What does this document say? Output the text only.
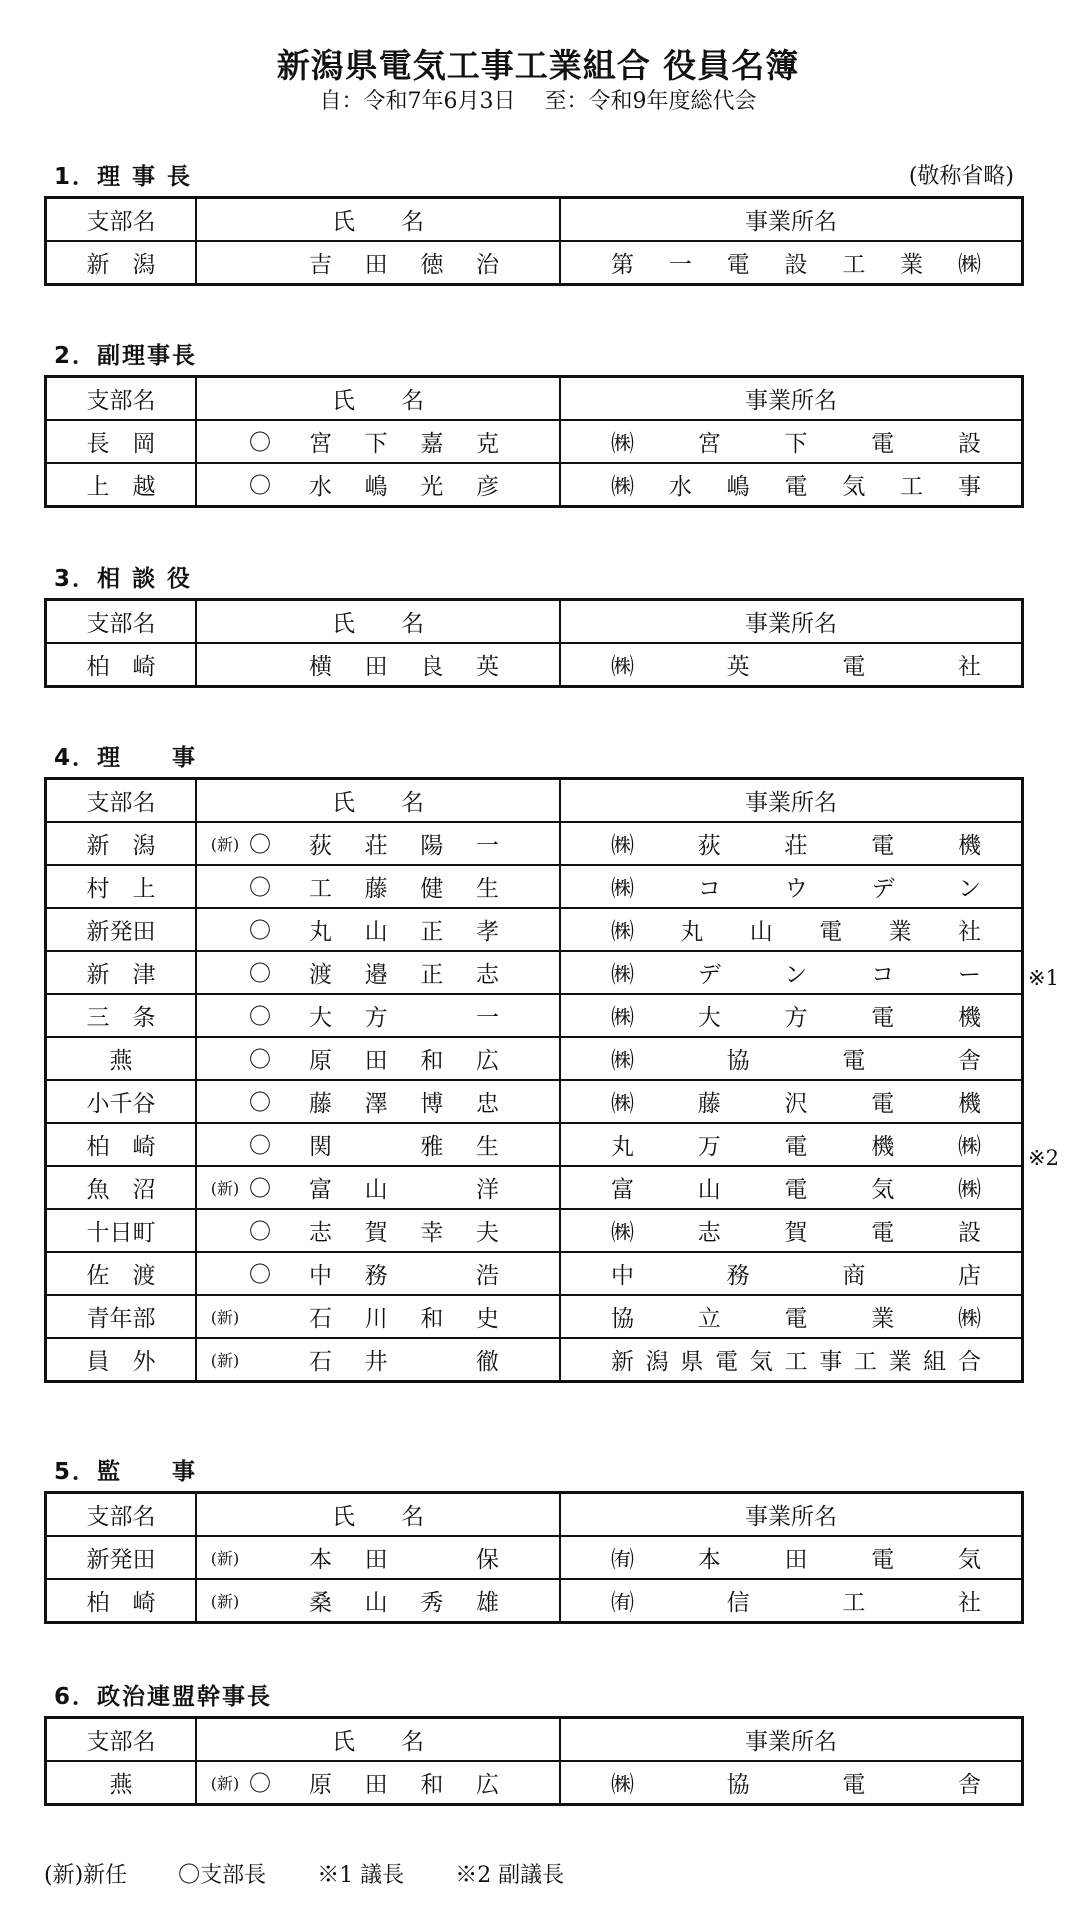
新潟県電気工事工業組合 役員名簿
自：令和7年6月3日　 至：令和9年度総代会
1．理 事 長	(敬称省略)
支部名	氏　　名	事業所名
新　潟	吉田徳治	第一電設工業㈱
2．副理事長
支部名	氏　　名	事業所名
長　岡	〇 宮下嘉克	㈱宮下電設

上　越	〇 水嶋光彦	㈱水嶋電気工事
3．相 談 役
支部名	氏　　名	事業所名
柏　崎	横田良英	㈱英電社
4．理　　事
※1
※2
支部名	氏　　名	事業所名
新　潟	(新) 〇 荻荘陽一	㈱荻荘電機

村　上	〇 工藤健生	㈱コウデン

新発田	〇 丸山正孝	㈱丸山電業社

新　津	〇 渡邉正志	㈱デンコー

三　条	〇 大方　一	㈱大方電機

燕	〇 原田和広	㈱協電舎

小千谷	〇 藤澤博忠	㈱藤沢電機

柏　崎	〇 関　雅生	丸万電機㈱

魚　沼	(新) 〇 富山　洋	富山電気㈱

十日町	〇 志賀幸夫	㈱志賀電設

佐　渡	〇 中務　浩	中務商店

青年部	(新) 石川和史	協立電業㈱

員　外	(新) 石井　徹	新潟県電気工事工業組合
5．監　　事
支部名	氏　　名	事業所名
新発田	(新) 本田　保	㈲本田電気

柏　崎	(新) 桑山秀雄	㈲信工社
6．政治連盟幹事長
支部名	氏　　名	事業所名
燕	(新) 〇 原田和広	㈱協電舎
(新)新任 〇支部長 ※1 議長 ※2 副議長
